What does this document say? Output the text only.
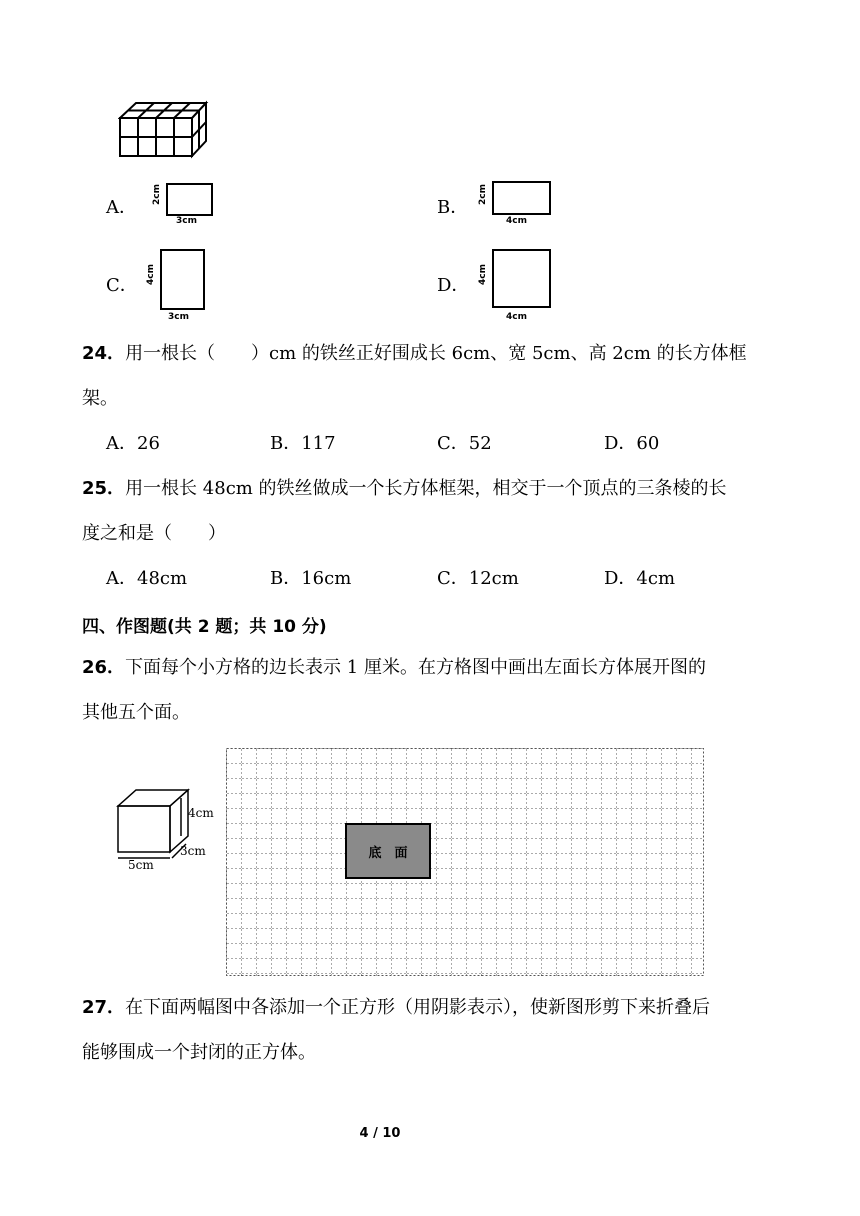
A．
2cm
3cm
B．
2cm
4cm
C．
4cm
3cm
D．
4cm
4cm
24．用一根长（　　）cm 的铁丝正好围成长 6cm、宽 5cm、高 2cm 的长方体框
架。
A．26	B．117	C．52	D．60
25．用一根长 48cm 的铁丝做成一个长方体框架，相交于一个顶点的三条棱的长
度之和是（　　）
A．48cm	B．16cm	C．12cm	D．4cm
四、作图题(共 2 题；共 10 分)
26．下面每个小方格的边长表示 1 厘米。在方格图中画出左面长方体展开图的
其他五个面。
4cm
3cm
5cm
底　面
27．在下面两幅图中各添加一个正方形（用阴影表示），使新图形剪下来折叠后
能够围成一个封闭的正方体。
4 / 10
